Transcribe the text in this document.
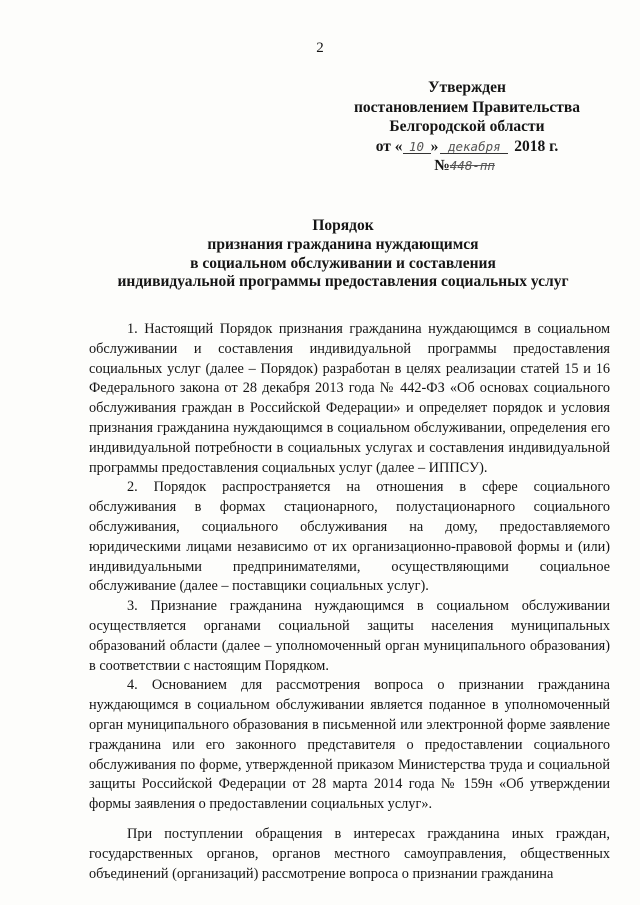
2
Утвержден
постановлением Правительства
Белгородской области
от « 10 » декабря 2018 г.
№448-пп
Порядок
признания гражданина нуждающимся
в социальном обслуживании и составления
индивидуальной программы предоставления социальных услуг

1. Настоящий Порядок признания гражданина нуждающимся в социальном обслуживании и составления индивидуальной программы предоставления социальных услуг (далее – Порядок) разработан в целях реализации статей 15 и 16 Федерального закона от 28 декабря 2013 года № 442-ФЗ «Об основах социального обслуживания граждан в Российской Федерации» и определяет порядок и условия признания гражданина нуждающимся в социальном обслуживании, определения его индивидуальной потребности в социальных услугах и составления индивидуальной программы предоставления социальных услуг (далее – ИППСУ).

2. Порядок распространяется на отношения в сфере социального обслуживания в формах стационарного, полустационарного социального обслуживания, социального обслуживания на дому, предоставляемого юридическими лицами независимо от их организационно-правовой формы и (или) индивидуальными предпринимателями, осуществляющими социальное обслуживание (далее – поставщики социальных услуг).

3. Признание гражданина нуждающимся в социальном обслуживании осуществляется органами социальной защиты населения муниципальных образований области (далее – уполномоченный орган муниципального образования) в соответствии с настоящим Порядком.

4. Основанием для рассмотрения вопроса о признании гражданина нуждающимся в социальном обслуживании является поданное в уполномоченный орган муниципального образования в письменной или электронной форме заявление гражданина или его законного представителя о предоставлении социального обслуживания по форме, утвержденной приказом Министерства труда и социальной защиты Российской Федерации от 28 марта 2014 года № 159н «Об утверждении формы заявления о предоставлении социальных услуг».

При поступлении обращения в интересах гражданина иных граждан, государственных органов, органов местного самоуправления, общественных объединений (организаций) рассмотрение вопроса о признании гражданина
